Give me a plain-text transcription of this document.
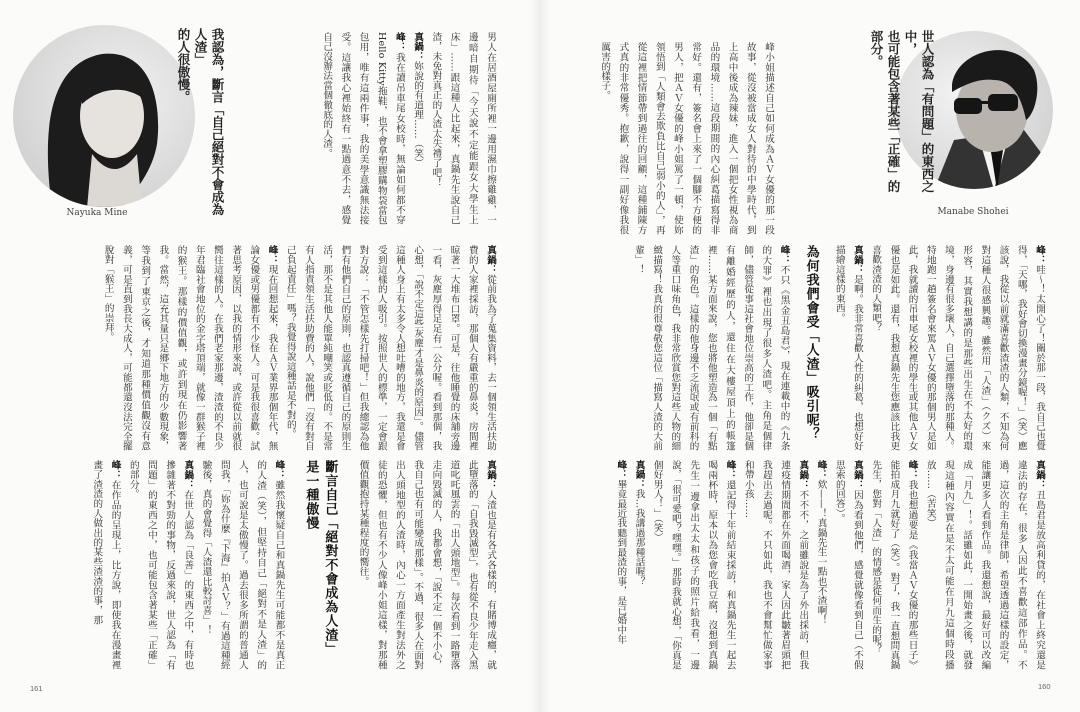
Nayuka Mine	我認為，斷言「自己絕對不會成為人渣」

的人很傲慢。	男人在居酒屋廁所裡一邊用濕巾擦雞雞，一邊暗自期待「今天說不定能跟女大學生上床」……跟這種人比起來，真鍋先生說自己渣，未免對真正的人渣太失禮了吧！

真鍋：妳說的有道理……（笑）

峰：我在讀吊車尾女校時，無論如何都不穿Hello Kitty拖鞋，也不會拿塑膠購物袋當包包用，唯有這兩件事，我的美學意識無法接受。這讓我心裡始終有一點過意不去，感覺自己沒辦法當個徹底的人渣。

真鍋：從前我為了蒐集資料，去一個領生活扶助費的人家裡採訪，那個人有嚴重的鼻炎，房間裡晾著一大堆布口罩。可是，往他睡覺的床舖旁邊一看，灰塵厚得足足有一公分喔。看到那個，我心想，「說不定這些灰塵才是鼻炎的原因」。儘管這種人身上有太多令人想吐嘈的地方，我還是會受到這樣的人吸引。按照世人的標準，一定會跟對方說：「不管怎樣先打掃吧！」但我總認為他們有他們自己的原則，也認真遵循自己的原則生活，那不是其他人能單純嘲笑或貶低的。不是常有人指責領生活扶助費的人，說他們「沒有對自己負起責任」嗎？我覺得說這種話是不對的。

峰：現在回想起來，我在ＡＶ業界那個年代，無論女優或男優都有不少怪人。可是我很喜歡。試著思考原因，以我的情形來說，或許從以前就很嚮往這樣的人。在我們老家那邊，渣渣的不良少年君臨社會地位的金字塔頂端，就像一群猴子裡的猴王。那樣的價值觀，或許到現在仍影響著我。當然，這充其量只是鄉下地方的少數現象，等我到了東京之後，才知道那種價值觀沒有意義，可是直到我長大成人，可能都還沒法完全擺脫對「猴王」的崇拜。

真鍋：人渣也是有各式各樣的，有賭博成癮，就此墮落的「自我毀滅型」，也有從不良少年走入黑道叱吒風雲的「出人頭地型」。每次看到一路墮落走向毀滅的人，我都會想，「說不定一個不小心，我自己也有可能變成那樣」。不過，很多人在面對出人頭地型的人渣時，內心一方面產生對法外之徒的恐懼，但也有不少人像峰小姐這樣，對那種價值觀抱持某種程度的嚮往。

斷言自己「絕對不會成為人渣」

是一種傲慢

峰：雖然我懷疑自己和真鍋先生可能都不是真正的人渣（笑），但堅持自己「絕對不是人渣」的人，也可說是太傲慢了。過去很多所謂的普通人問我，「妳為什麼『下海』拍ＡＶ？」有過這種經驗後，真的會覺得「人渣還比較討喜」！

真鍋：在世人認為「良善」的東西之中，有時也摻雜著不對勁的事物，反過來說，世人認為「有問題」的東西之中，也可能包含著某些「正確」的部分。

峰：在作品的呈現上，比方說，即使我在漫畫裡畫了渣渣的人做出的某些渣渣的事，那

161
Manabe Shohei

世人認為「有問題」的東西之中，

也可能包含著某些「正確」的部分。

峰小姐描述自己如何成為ＡＶ女優的那一段故事，從沒被當成女人對待的中學時代，到上高中後成為辣妹，進入一個把女性視為商品的環境……這段期間的內心糾葛描寫得非常好。還有，簽名會上來了一個腳不方便的男人，把ＡＶ女優的峰小姐罵了一頓，使妳領悟到「人類會去欺負比自己弱小的人」，再從這裡把情節帶到過往的回顧，這種鋪陳方式真的非常優秀。抱歉，說得一副好像我很厲害的樣子。

峰：哇～！太開心了！關於那一段，我自己也覺得，「天哪，我好會切換漫畫分鏡喔！」（笑）應該說，我從以前就滿喜歡渣渣的人類，不知為何對這種人很感興趣。雖然用「人渣」（クズ）來形容，其實我想講的是那些出生在不太好的環境，身邊有很多壞人，自己選擇墮落的那種人。特地跑一趟簽名會來罵ＡＶ女優的那個男人是如此，我就讀的吊車尾女校裡的學生或其他ＡＶ女優也是如此。還有，我想真鍋先生您應該比我更喜歡渣渣的人類吧？

真鍋：是啊。我非常喜歡人性的糾葛，也想好好描繪這樣的東西。

為何我們會受「人渣」吸引呢？

峰：不只《黑金丑島君》，現在連載中的《九条的大罪》裡也出現了很多人渣吧。主角是個律師，儘管從事這社會地位崇高的工作，他卻是個有離婚經歷的人，還住在大樓屋頂上的帳篷裡……某方面來說，您也將他塑造為一個「有點渣」的角色。這樣的他身邊不乏流氓或有前科的人等重口味角色，我非常欣賞您對這些人物的細緻描寫！我真的很尊敬您這位「描寫人渣的大前輩」！

真鍋：丑島君是放高利貸的，在社會上終究還是違法的存在，很多人因此不喜歡這部作品。不過，這次的主角是律師，希望透過這樣的設定，能讓更多人看到作品。我還想說，最好可以改編成「月九」！。話雖如此，一開始畫之後，就發現這種內容實在是不太可能在月九這個時段播放……（苦笑）

峰：我也想過要是《我當ＡＶ女優的那些日子》能拍成月九就好了（笑）。對了，我一直想問真鍋先生，您對「人渣」的情感是從何而生的呢？

真鍋：因為看到他們，感覺就像看到自己（不假思索的回答）。

峰：欸——！真鍋先生一點也不渣啊！

真鍋：不不不，之前雖說是為了外出採訪，但我連疫情期間都在外面喝酒，家人因此皺著眉頭把我趕出去過呢。不只如此，我也不會幫忙做家事和帶小孩……

峰：還記得十年前結束採訪，和真鍋先生一起去喝兩杯時，原本以為您會吃我豆腐，沒想到真鍋先生一邊拿出太太和孩子的照片給我看，一邊說，「很可愛吧？嘿嘿。」那時我就心想，「你真是個好男人！」（笑）

真鍋：我…我講過那種話喔？

峰：畢竟最近我聽到最渣的事，是已婚中年

160
